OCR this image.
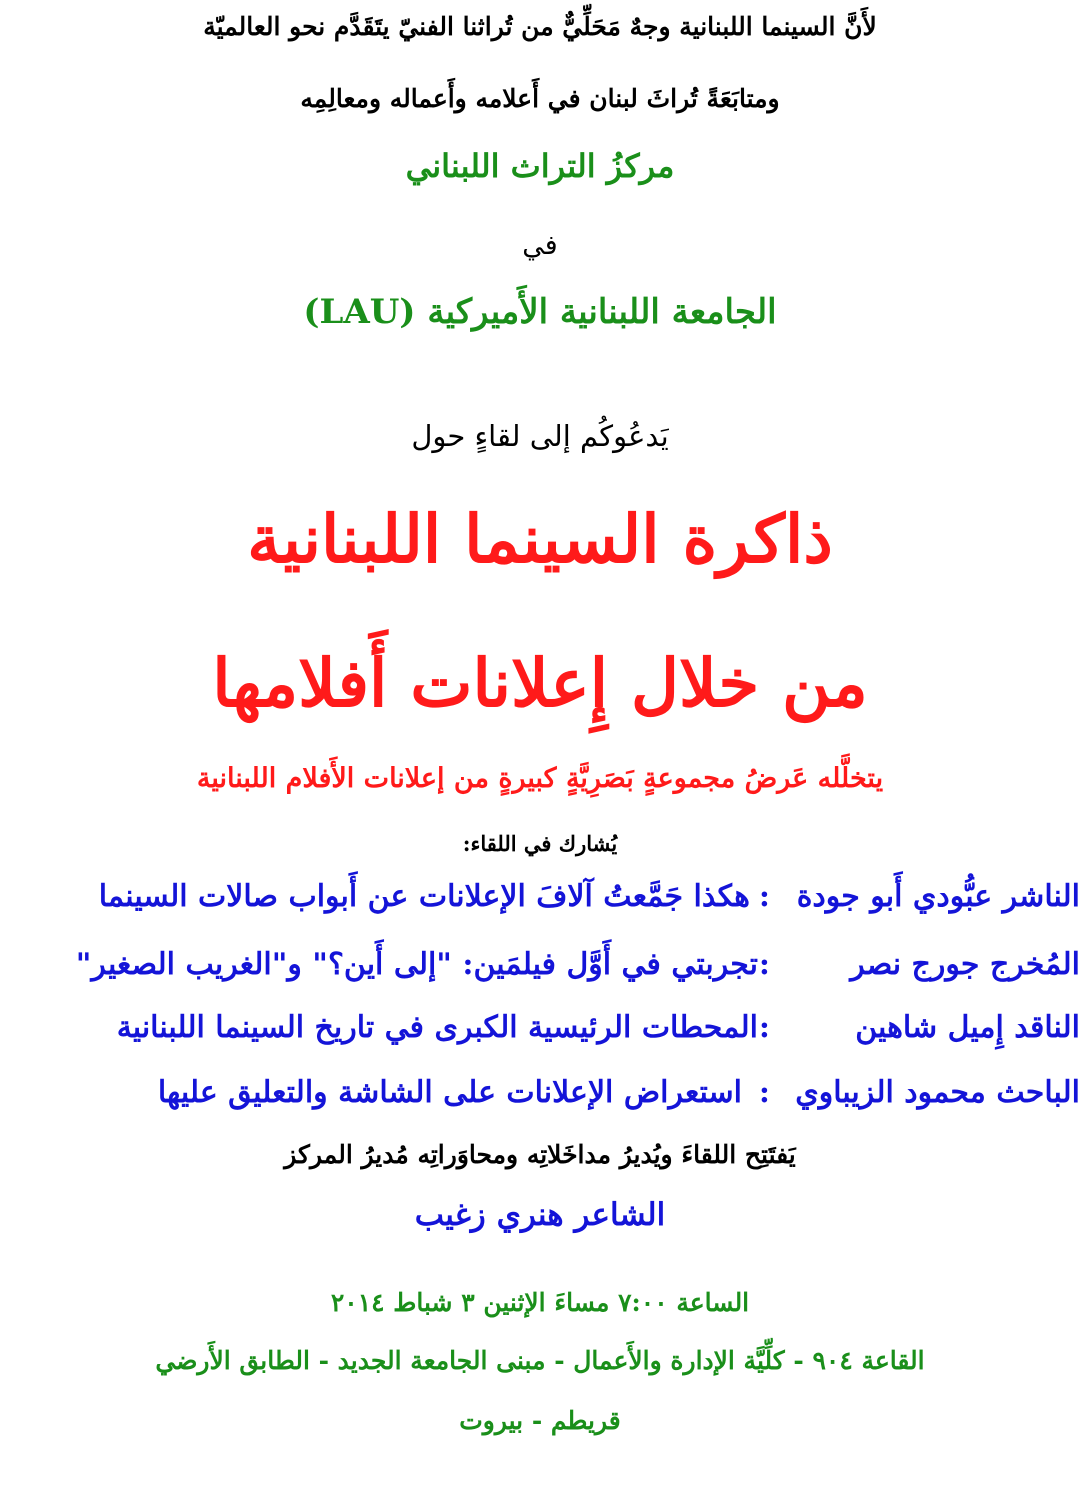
لأَنَّ السينما اللبنانية وجهٌ مَحَلِّيٌّ من تُراثنا الفنيّ يتَقَدَّم نحو العالميّة
ومتابَعَةً تُراثَ لبنان في أَعلامه وأَعماله ومعالِمِه
مركزُ التراث اللبناني
في
الجامعة اللبنانية الأَميركية (LAU)
يَدعُوكُم إلى لقاءٍ حول
ذاكرة السينما اللبنانية
من خلال إِعلانات أَفلامها
يتخلَّله عَرضُ مجموعةٍ بَصَرِيَّةٍ كبيرةٍ من إعلانات الأَفلام اللبنانية
يُشارك في اللقاء:
الناشر عبُّودي أَبو جودة
:
هكذا جَمَّعتُ آلافَ الإعلانات عن أَبواب صالات السينما
المُخرج جورج نصر
:
تجربتي في أَوَّل فيلمَين: "إلى أَين؟" و"الغريب الصغير"
الناقد إِميل شاهين
:
المحطات الرئيسية الكبرى في تاريخ السينما اللبنانية
الباحث محمود الزيباوي
:
استعراض الإعلانات على الشاشة والتعليق عليها
يَفتَتِح اللقاءَ ويُديرُ مداخَلاتِه ومحاوَراتِه مُديرُ المركز
الشاعر هنري زغيب
الساعة ٧:٠٠ مساءَ الإثنين ٣ شباط ٢٠١٤
القاعة ٩٠٤ - كلِّيَّة الإدارة والأَعمال - مبنى الجامعة الجديد - الطابق الأَرضي
قريطم - بيروت
